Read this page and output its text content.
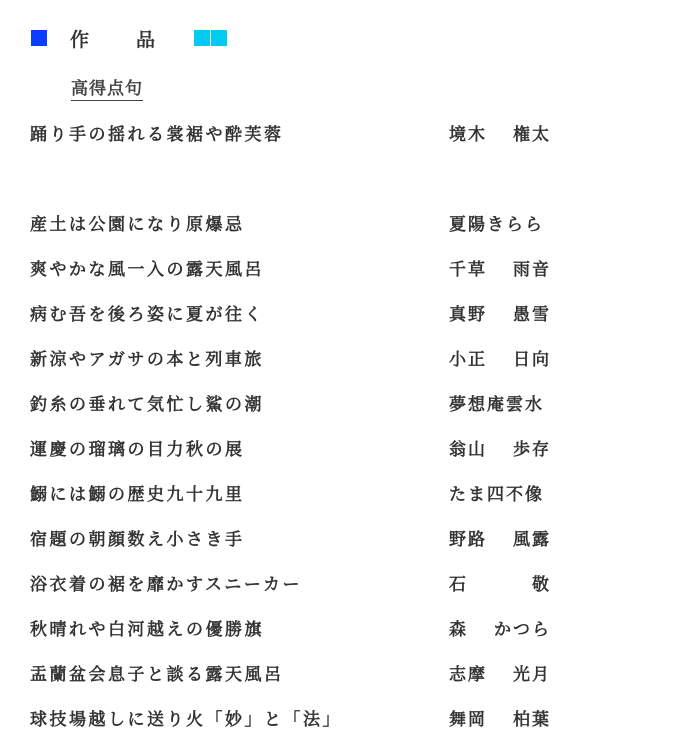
作　品
高得点句
踊り手の揺れる裳裾や酔芙蓉	境木 権太
産土は公園になり原爆忌	夏陽きらら
爽やかな風一入の露天風呂	千草 雨音
病む吾を後ろ姿に夏が往く	真野 愚雪
新涼やアガサの本と列車旅	小正 日向
釣糸の垂れて気忙し鯊の潮	夢想庵雲水
運慶の瑠璃の目力秋の展	翁山 歩存
鰯には鰯の歴史九十九里	たま四不像
宿題の朝顔数え小さき手	野路 風露
浴衣着の裾を靡かすスニーカー	石	敬
秋晴れや白河越えの優勝旗	森 かつら
盂蘭盆会息子と談る露天風呂	志摩 光月
球技場越しに送り火「妙」と「法」	舞岡 柏葉
